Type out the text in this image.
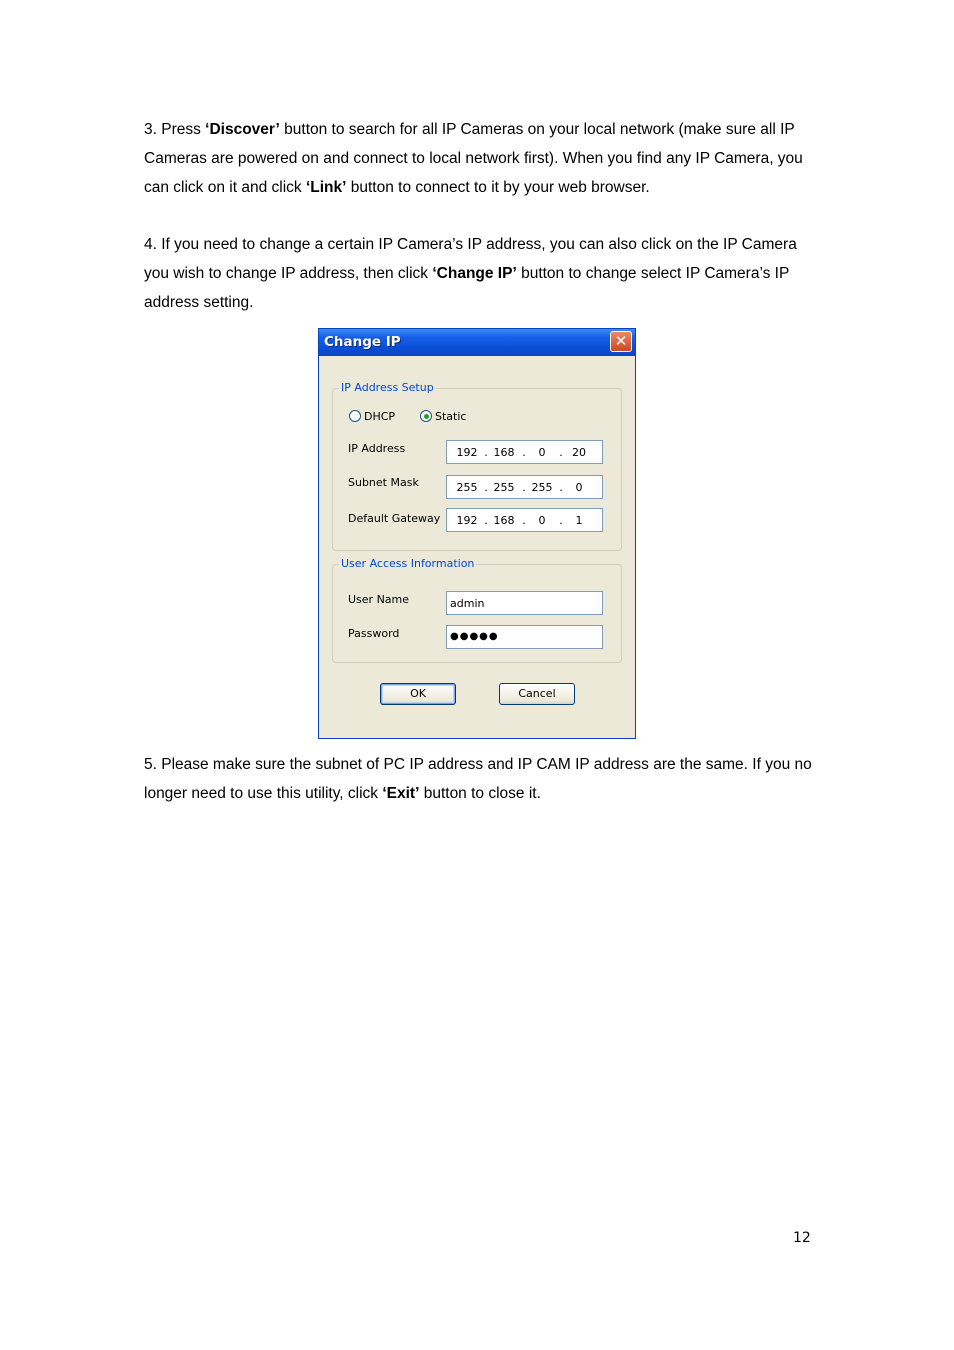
3. Press ‘Discover’ button to search for all IP Cameras on your local network (make sure all IP Cameras are powered on and connect to local network first). When you find any IP Camera, you can click on it and click ‘Link’ button to connect to it by your web browser.

4. If you need to change a certain IP Camera’s IP address, you can also click on the IP Camera you wish to change IP address, then click ‘Change IP’ button to change select IP Camera’s IP address setting.

Change IP	✕
IP Address Setup
DHCP	Static
IP Address	192 . 168 .	0	. 20
Subnet Mask	255 . 255 . 255 .	0
Default Gateway 192 . 168 .	0	.	1
User Access Information
User Name	admin
Password	●●●●●
OK	Cancel

5. Please make sure the subnet of PC IP address and IP CAM IP address are the same. If you no longer need to use this utility, click ‘Exit’ button to close it.

12
